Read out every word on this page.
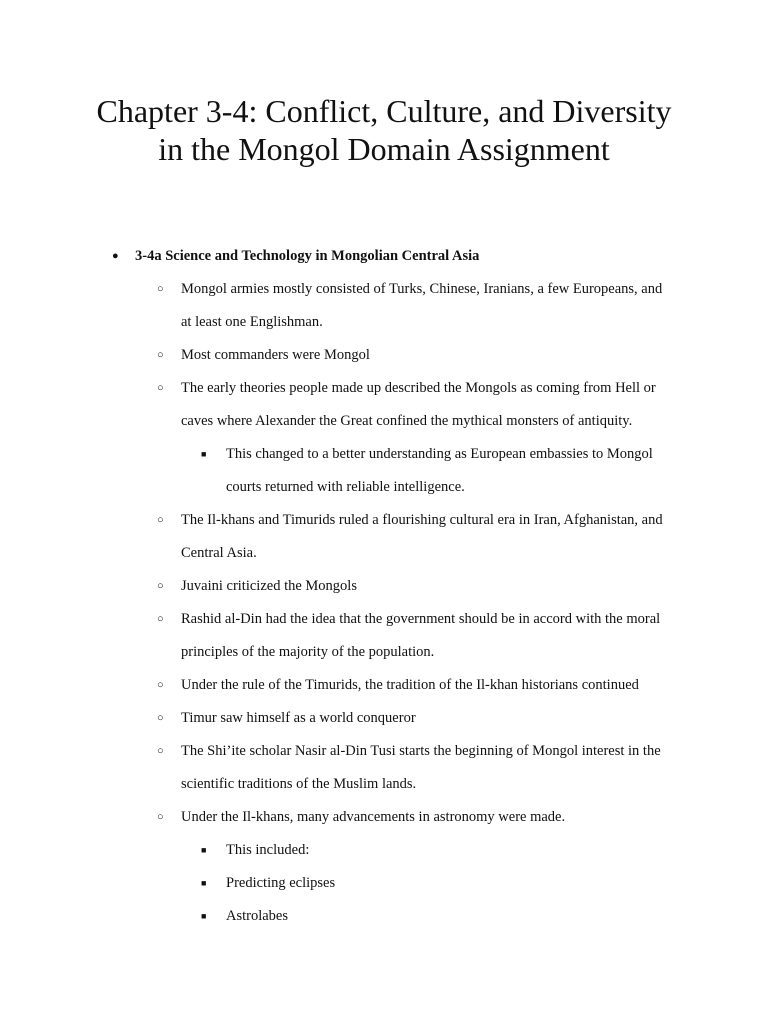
Chapter 3-4: Conflict, Culture, and Diversity in the Mongol Domain Assignment
● 3-4a Science and Technology in Mongolian Central Asia
○ Mongol armies mostly consisted of Turks, Chinese, Iranians, a few Europeans, and at least one Englishman.
○ Most commanders were Mongol
○ The early theories people made up described the Mongols as coming from Hell or caves where Alexander the Great confined the mythical monsters of antiquity.
■ This changed to a better understanding as European embassies to Mongol courts returned with reliable intelligence.
○ The Il-khans and Timurids ruled a flourishing cultural era in Iran, Afghanistan, and Central Asia.
○ Juvaini criticized the Mongols
○ Rashid al-Din had the idea that the government should be in accord with the moral principles of the majority of the population.
○ Under the rule of the Timurids, the tradition of the Il-khan historians continued
○ Timur saw himself as a world conqueror
○ The Shi’ite scholar Nasir al-Din Tusi starts the beginning of Mongol interest in the scientific traditions of the Muslim lands.
○ Under the Il-khans, many advancements in astronomy were made.
■ This included:
■ Predicting eclipses
■ Astrolabes
